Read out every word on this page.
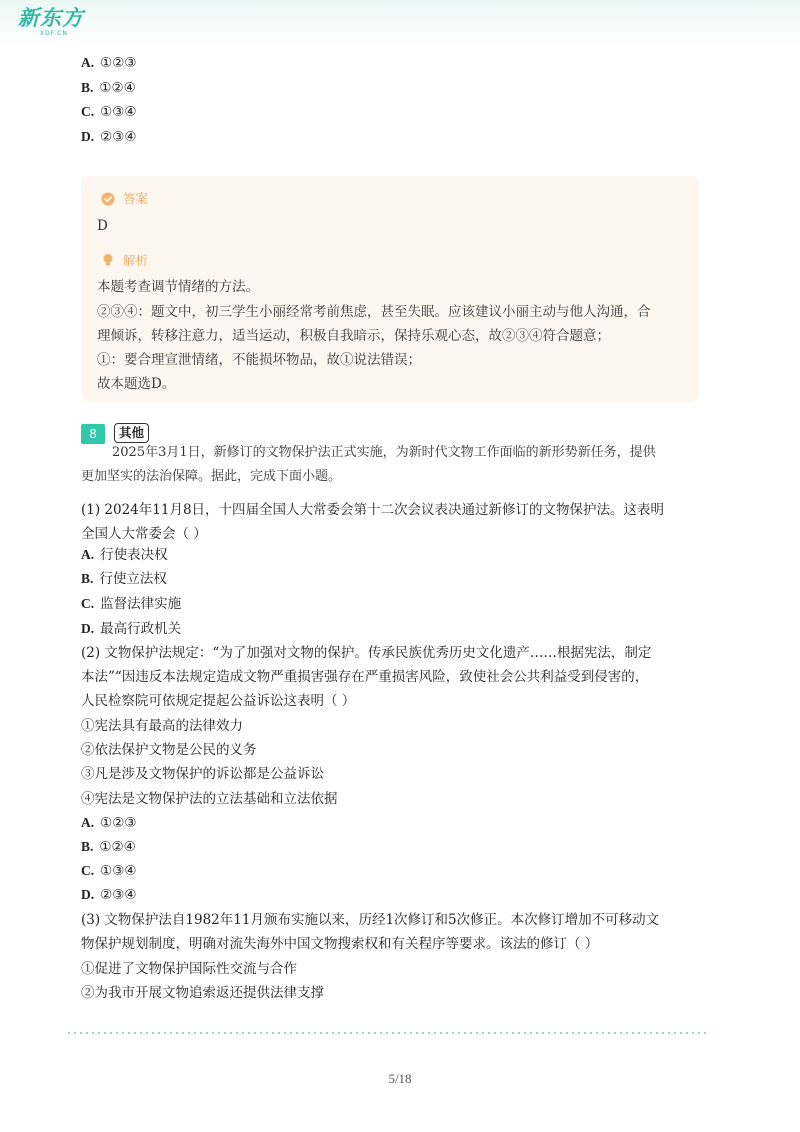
新东方
XDF.CN
A. ①②③
B. ①②④
C. ①③④
D. ②③④
答案
D
解析
本题考查调节情绪的方法。
②③④：题文中，初三学生小丽经常考前焦虑，甚至失眠。应该建议小丽主动与他人沟通，合
理倾诉，转移注意力，适当运动，积极自我暗示，保持乐观心态，故②③④符合题意；
①：要合理宣泄情绪，不能损坏物品，故①说法错误；
故本题选D。
8	其他
2025年3月1日，新修订的文物保护法正式实施，为新时代文物工作面临的新形势新任务，提供
更加坚实的法治保障。据此，完成下面小题。
(1) 2024年11月8日，十四届全国人大常委会第十二次会议表决通过新修订的文物保护法。这表明
全国人大常委会（ ）
A. 行使表决权
B. 行使立法权
C. 监督法律实施
D. 最高行政机关
(2) 文物保护法规定：“为了加强对文物的保护。传承民族优秀历史文化遗产……根据宪法，制定
本法”“因违反本法规定造成文物严重损害强存在严重损害风险，致使社会公共利益受到侵害的，
人民检察院可依规定提起公益诉讼这表明（ ）
①宪法具有最高的法律效力
②依法保护文物是公民的义务
③凡是涉及文物保护的诉讼都是公益诉讼
④宪法是文物保护法的立法基础和立法依据
A. ①②③
B. ①②④
C. ①③④
D. ②③④
(3) 文物保护法自1982年11月颁布实施以来，历经1次修订和5次修正。本次修订增加不可移动文
物保护规划制度，明确对流失海外中国文物搜索权和有关程序等要求。该法的修订（ ）
①促进了文物保护国际性交流与合作
②为我市开展文物追索返还提供法律支撑
5/18
